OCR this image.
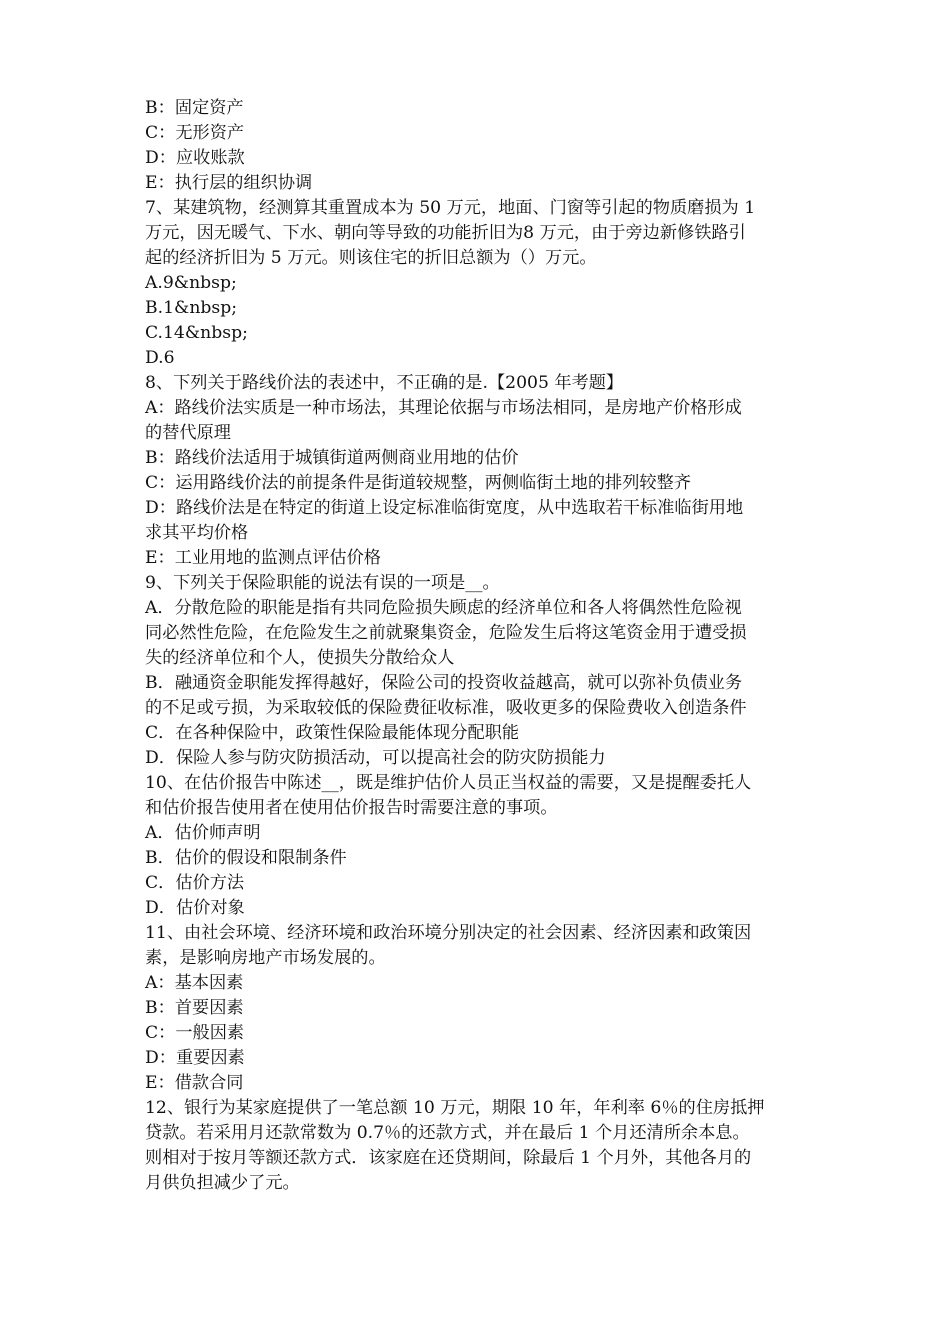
B：固定资产
C：无形资产
D：应收账款
E：执行层的组织协调
7、某建筑物，经测算其重置成本为 50 万元，地面、门窗等引起的物质磨损为 1
万元，因无暖气、下水、朝向等导致的功能折旧为8 万元，由于旁边新修铁路引
起的经济折旧为 5 万元。则该住宅的折旧总额为（）万元。
A.9&nbsp;
B.1&nbsp;
C.14&nbsp;
D.6
8、下列关于路线价法的表述中，不正确的是.【2005 年考题】
A：路线价法实质是一种市场法，其理论依据与市场法相同，是房地产价格形成
的替代原理
B：路线价法适用于城镇街道两侧商业用地的估价
C：运用路线价法的前提条件是街道较规整，两侧临街土地的排列较整齐
D：路线价法是在特定的街道上设定标准临街宽度，从中选取若干标准临街用地
求其平均价格
E：工业用地的监测点评估价格
9、下列关于保险职能的说法有误的一项是__。
A．分散危险的职能是指有共同危险损失顾虑的经济单位和各人将偶然性危险视
同必然性危险，在危险发生之前就聚集资金，危险发生后将这笔资金用于遭受损
失的经济单位和个人，使损失分散给众人
B．融通资金职能发挥得越好，保险公司的投资收益越高，就可以弥补负债业务
的不足或亏损，为采取较低的保险费征收标准，吸收更多的保险费收入创造条件
C．在各种保险中，政策性保险最能体现分配职能
D．保险人参与防灾防损活动，可以提高社会的防灾防损能力
10、在估价报告中陈述__，既是维护估价人员正当权益的需要，又是提醒委托人
和估价报告使用者在使用估价报告时需要注意的事项。
A．估价师声明
B．估价的假设和限制条件
C．估价方法
D．估价对象
11、由社会环境、经济环境和政治环境分别决定的社会因素、经济因素和政策因
素，是影响房地产市场发展的。
A：基本因素
B：首要因素
C：一般因素
D：重要因素
E：借款合同
12、银行为某家庭提供了一笔总额 10 万元，期限 10 年，年利率 6％的住房抵押
贷款。若采用月还款常数为 0.7％的还款方式，并在最后 1 个月还清所余本息。
则相对于按月等额还款方式．该家庭在还贷期间，除最后 1 个月外，其他各月的
月供负担减少了元。
